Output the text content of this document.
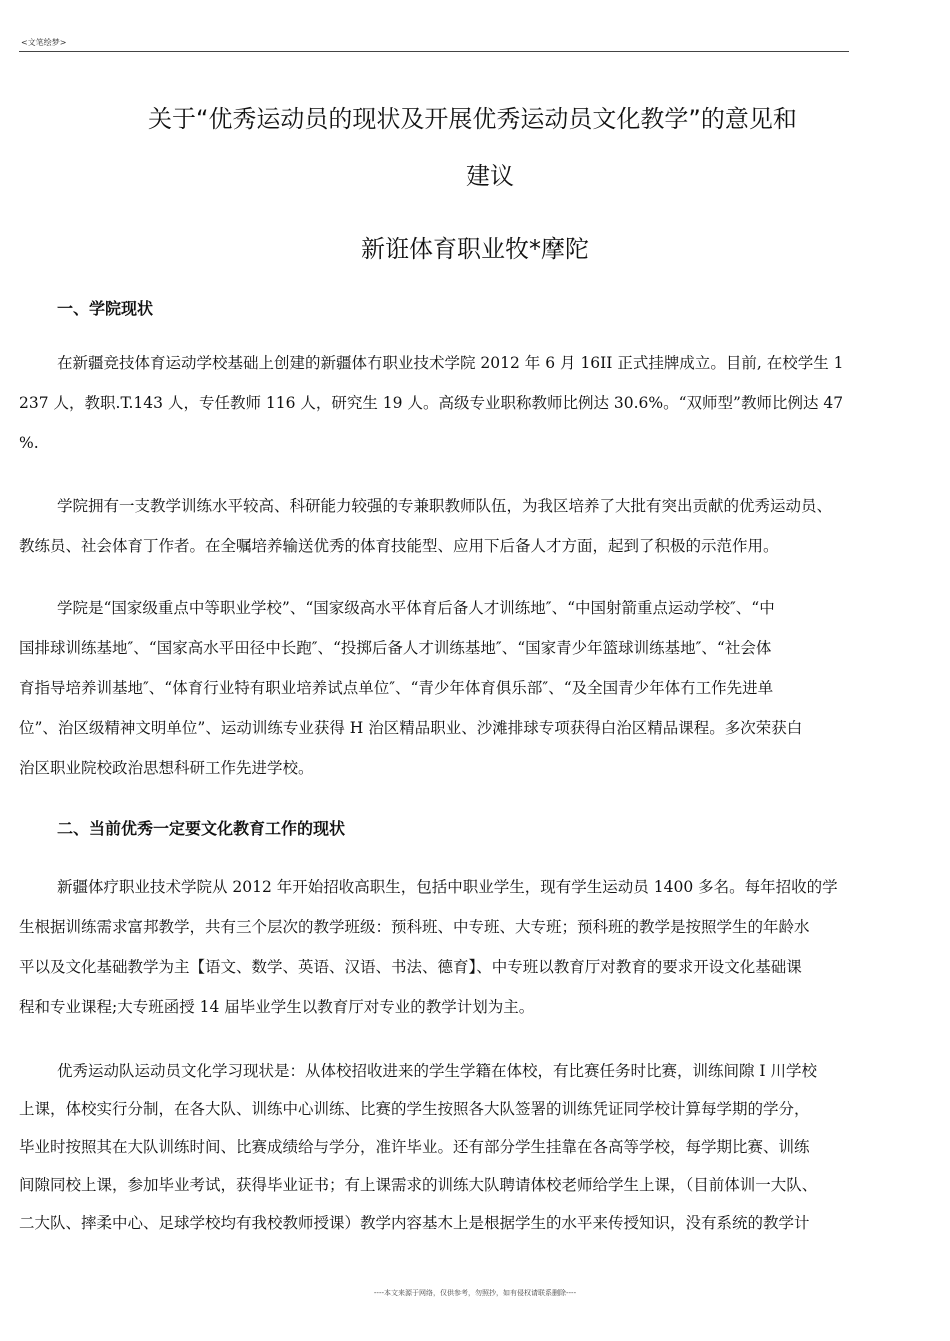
<文笔绘梦>
关于“优秀运动员的现状及开展优秀运动员文化教学”的意见和
建议
新诳体育职业牧*摩陀
一、学院现状
在新疆竞技体育运动学校基础上创建的新疆体冇职业技术学院 2012 年 6 月 16II 正式挂牌成立。目前, 在校学生 1
237 人，教职.T.143 人，专任教师 116 人，研究生 19 人。高级专业职称教师比例达 30.6%。“双师型”教师比例达 47
%.
学院拥有一支教学训练水平较高、科研能力较强的专兼职教师队伍，为我区培养了大批有突出贡献的优秀运动员、
教练员、社会体育丁作者。在全嘱培养输送优秀的体育技能型、应用下后备人才方面，起到了积极的示范作用。
学院是“国家级重点中等职业学校”、“国家级高水平体育后备人才训练地″、“中国射箭重点运动学校″、“中
国排球训练基地″、“国家高水平田径中长跑″、“投掷后备人才训练基地″、“国家青少年篮球训练基地″、“社会体
育指导培养训基地″、“体育行业特有职业培养试点单位″、“青少年体育俱乐部″、“及全国青少年体冇工作先进单
位”、治区级精神文明单位”、运动训练专业获得 H 治区精品职业、沙滩排球专项获得白治区精品课程。多次荣获白
治区职业院校政治思想科研工作先进学校。
二、当前优秀一定要文化教育工作的现状
新疆体疗职业技术学院从 2012 年开始招收高职生，包括中职业学生，现有学生运动员 1400 多名。每年招收的学
生根据训练需求富邦教学，共有三个层次的教学班级：预科班、中专班、大专班；预科班的教学是按照学生的年龄水
平以及文化基础教学为主【语文、数学、英语、汉语、书法、德育】、中专班以教育厅对教育的要求开设文化基础课
程和专业课程;大专班函授 14 届毕业学生以教育厅对专业的教学计划为主。
优秀运动队运动员文化学习现状是：从体校招收进来的学生学籍在体校，有比赛任务时比赛，训练间隙 I 川学校
上课，体校实行分制，在各大队、训练中心训练、比赛的学生按照各大队签署的训练凭证同学校计算每学期的学分，
毕业时按照其在大队训练时间、比赛成绩给与学分，准许毕业。还有部分学生挂靠在各高等学校，每学期比赛、训练
间隙同校上课，参加毕业考试，获得毕业证书；有上课需求的训练大队聘请体校老师给学生上课，（目前体训一大队、
二大队、摔柔中心、足球学校均有我校教师授课）教学内容基木上是根据学生的水平来传授知识，没有系统的教学计
----本文来源于网络，仅供参考，勿照抄，如有侵权请联系删除----
